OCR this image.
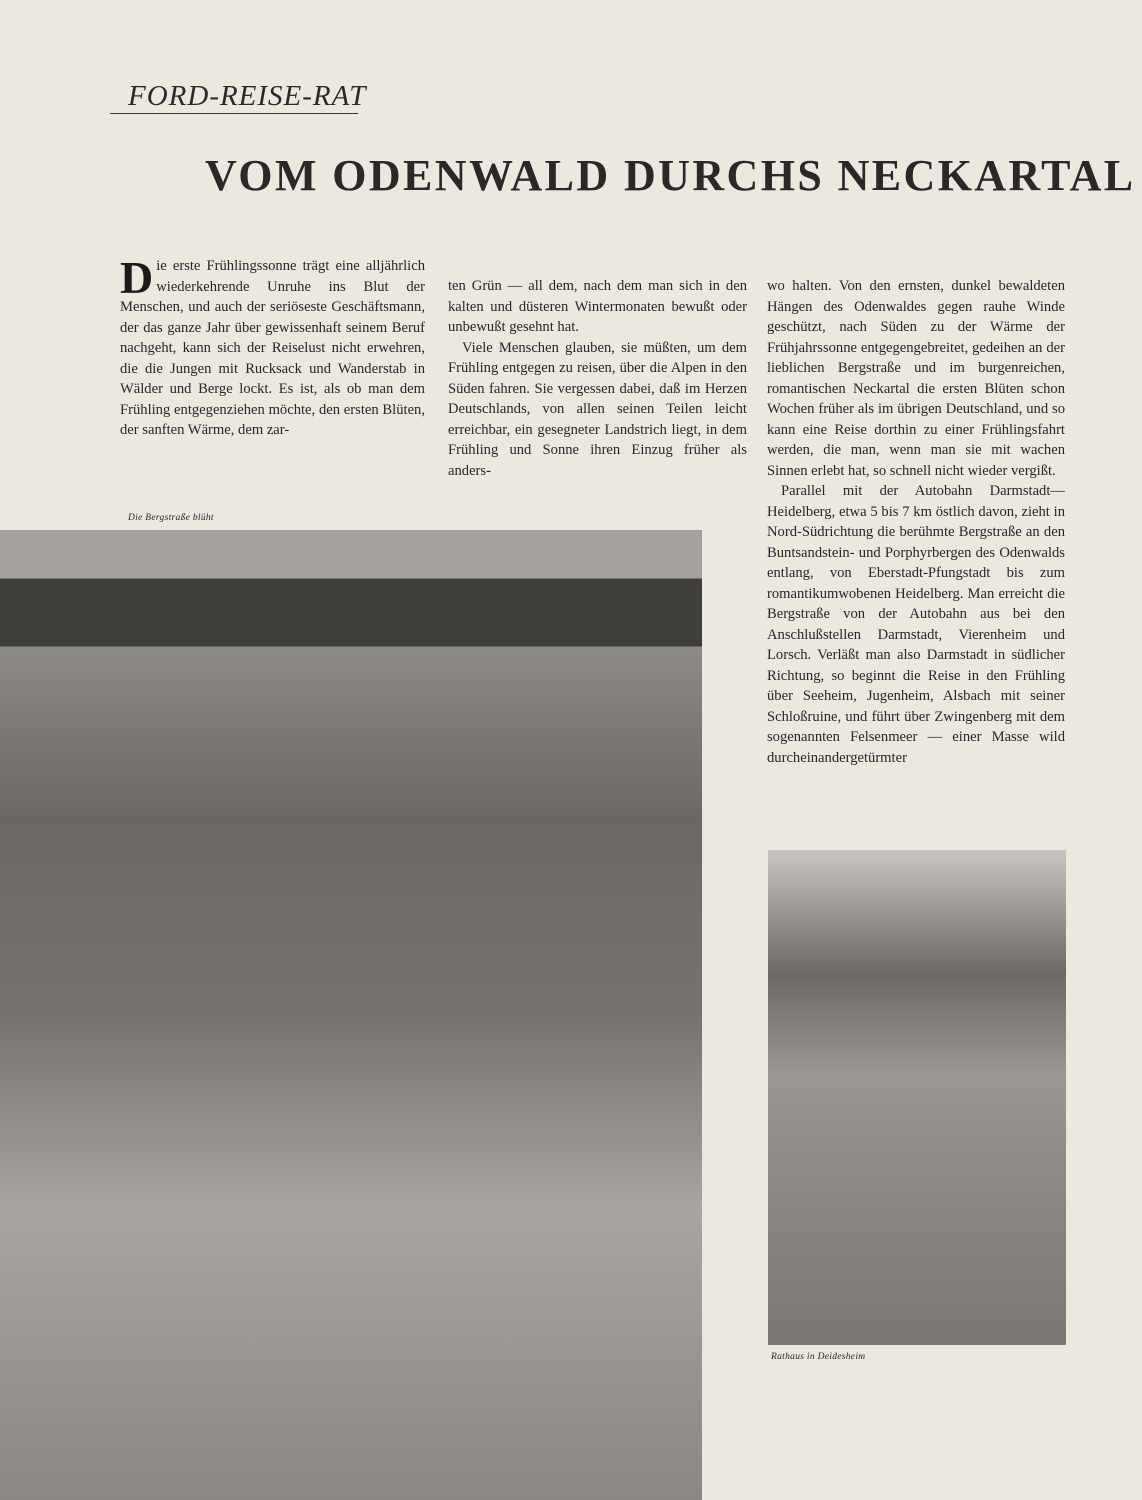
FORD-REISE-RAT
VOM ODENWALD DURCHS NECKARTAL

Die erste Frühlingssonne trägt eine alljährlich wiederkehrende Unruhe ins Blut der Menschen, und auch der seriöseste Geschäftsmann, der das ganze Jahr über gewissenhaft seinem Beruf nachgeht, kann sich der Reiselust nicht erwehren, die die Jungen mit Rucksack und Wanderstab in Wälder und Berge lockt. Es ist, als ob man dem Frühling entgegenziehen möchte, den ersten Blüten, der sanften Wärme, dem zar-

ten Grün — all dem, nach dem man sich in den kalten und düsteren Wintermonaten bewußt oder unbewußt gesehnt hat.

Viele Menschen glauben, sie müßten, um dem Frühling entgegen zu reisen, über die Alpen in den Süden fahren. Sie vergessen dabei, daß im Herzen Deutschlands, von allen seinen Teilen leicht erreichbar, ein gesegneter Landstrich liegt, in dem Frühling und Sonne ihren Einzug früher als anders-

wo halten. Von den ernsten, dunkel bewaldeten Hängen des Odenwaldes gegen rauhe Winde geschützt, nach Süden zu der Wärme der Frühjahrssonne entgegengebreitet, gedeihen an der lieblichen Bergstraße und im burgenreichen, romantischen Neckartal die ersten Blüten schon Wochen früher als im übrigen Deutschland, und so kann eine Reise dorthin zu einer Frühlingsfahrt werden, die man, wenn man sie mit wachen Sinnen erlebt hat, so schnell nicht wieder vergißt.

Parallel mit der Autobahn Darmstadt—Heidelberg, etwa 5 bis 7 km östlich davon, zieht in Nord-Südrichtung die berühmte Bergstraße an den Buntsandstein- und Porphyrbergen des Odenwalds entlang, von Eberstadt-Pfungstadt bis zum romantikumwobenen Heidelberg. Man erreicht die Bergstraße von der Autobahn aus bei den Anschlußstellen Darmstadt, Vierenheim und Lorsch. Verläßt man also Darmstadt in südlicher Richtung, so beginnt die Reise in den Frühling über Seeheim, Jugenheim, Alsbach mit seiner Schloßruine, und führt über Zwingenberg mit dem sogenannten Felsenmeer — einer Masse wild durcheinandergetürmter

Die Bergstraße blüht
Rathaus in Deidesheim
